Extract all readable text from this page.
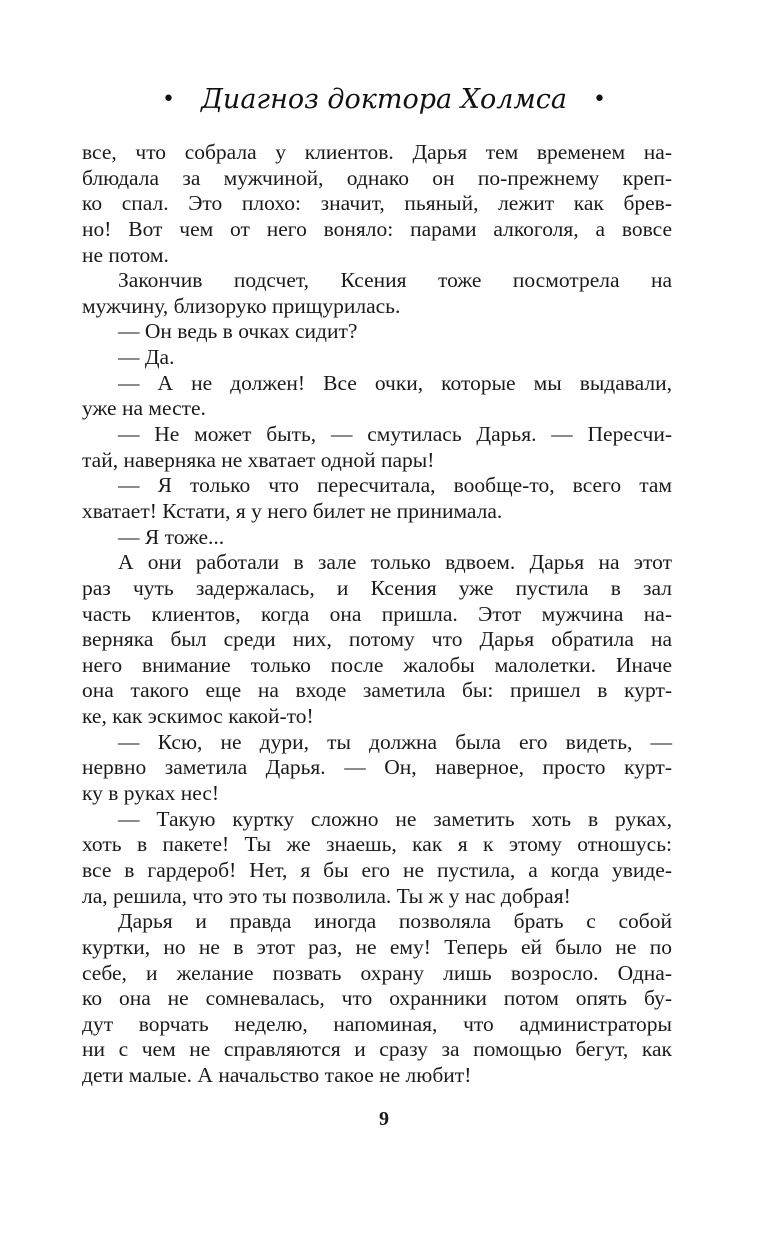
• Диагноз доктора Холмса •
все, что собрала у клиентов. Дарья тем временем на-
блюдала за мужчиной, однако он по-прежнему креп-
ко спал. Это плохо: значит, пьяный, лежит как брев-
но! Вот чем от него воняло: парами алкоголя, а вовсе
не потом.
Закончив подсчет, Ксения тоже посмотрела на
мужчину, близоруко прищурилась.
— Он ведь в очках сидит?
— Да.
— А не должен! Все очки, которые мы выдавали,
уже на месте.
— Не может быть, — смутилась Дарья. — Пересчи-
тай, наверняка не хватает одной пары!
— Я только что пересчитала, вообще-то, всего там
хватает! Кстати, я у него билет не принимала.
— Я тоже...
А они работали в зале только вдвоем. Дарья на этот
раз чуть задержалась, и Ксения уже пустила в зал
часть клиентов, когда она пришла. Этот мужчина на-
верняка был среди них, потому что Дарья обратила на
него внимание только после жалобы малолетки. Иначе
она такого еще на входе заметила бы: пришел в курт-
ке, как эскимос какой-то!
— Ксю, не дури, ты должна была его видеть, —
нервно заметила Дарья. — Он, наверное, просто курт-
ку в руках нес!
— Такую куртку сложно не заметить хоть в руках,
хоть в пакете! Ты же знаешь, как я к этому отношусь:
все в гардероб! Нет, я бы его не пустила, а когда увиде-
ла, решила, что это ты позволила. Ты ж у нас добрая!
Дарья и правда иногда позволяла брать с собой
куртки, но не в этот раз, не ему! Теперь ей было не по
себе, и желание позвать охрану лишь возросло. Одна-
ко она не сомневалась, что охранники потом опять бу-
дут ворчать неделю, напоминая, что администраторы
ни с чем не справляются и сразу за помощью бегут, как
дети малые. А начальство такое не любит!
9
